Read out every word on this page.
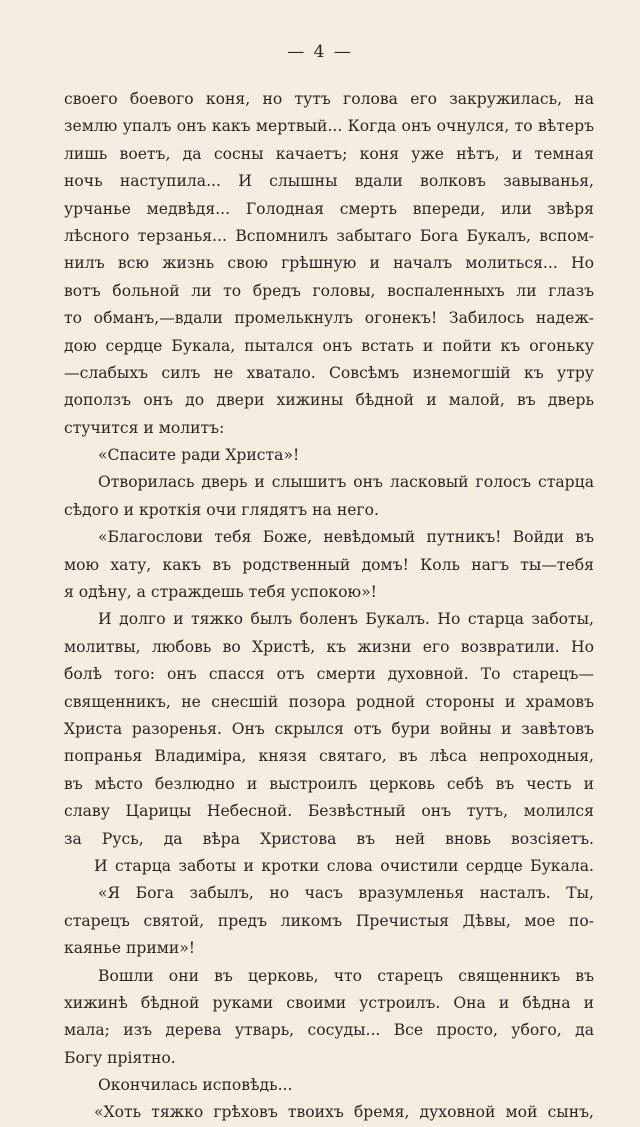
— 4 —
своего боевого коня, но тутъ голова его закружилась, на
землю упалъ онъ какъ мертвый... Когда онъ очнулся, то вѣтеръ
лишь воетъ, да сосны качаетъ; коня уже нѣтъ, и темная
ночь наступила... И слышны вдали волковъ завыванья,
урчанье медвѣдя... Голодная смерть впереди, или звѣря
лѣсного терзанья... Вспомнилъ забытаго Бога Букалъ, вспом-
нилъ всю жизнь свою грѣшную и началъ молиться... Но
вотъ больной ли то бредъ головы, воспаленныхъ ли глазъ
то обманъ,—вдали промелькнулъ огонекъ! Забилось надеж-
дою сердце Букала, пытался онъ встать и пойти къ огоньку
—слабыхъ силъ не хватало. Совсѣмъ изнемогшій къ утру
доползъ онъ до двери хижины бѣдной и малой, въ дверь
стучится и молитъ:
«Спасите ради Христа»!
Отворилась дверь и слышитъ онъ ласковый голосъ старца
сѣдого и кроткія очи глядятъ на него.
«Благослови тебя Боже, невѣдомый путникъ! Войди въ
мою хату, какъ въ родственный домъ! Коль нагъ ты—тебя
я одѣну, а страждешь тебя успокою»!
И долго и тяжко былъ боленъ Букалъ. Но старца заботы,
молитвы, любовь во Христѣ, къ жизни его возвратили. Но
болѣ того: онъ спасся отъ смерти духовной. То старецъ—
священникъ, не снесшій позора родной стороны и храмовъ
Христа разоренья. Онъ скрылся отъ бури войны и завѣтовъ
попранья Владиміра, князя святаго, въ лѣса непроходныя,
въ мѣсто безлюдно и выстроилъ церковь себѣ въ честь и
славу Царицы Небесной. Безвѣстный онъ тутъ, молился
за Русь, да вѣра Христова въ ней вновь возсіяетъ.
И старца заботы и кротки слова очистили сердце Букала.
«Я Бога забылъ, но часъ вразумленья насталъ. Ты,
старецъ святой, предъ ликомъ Пречистыя Дѣвы, мое по-
каянье прими»!
Вошли они въ церковь, что старецъ священникъ въ
хижинѣ бѣдной руками своими устроилъ. Она и бѣдна и
мала; изъ дерева утварь, сосуды... Все просто, убого, да
Богу пріятно.
Окончилась исповѣдь...
«Хоть тяжко грѣховъ твоихъ бремя, духовной мой сынъ,
